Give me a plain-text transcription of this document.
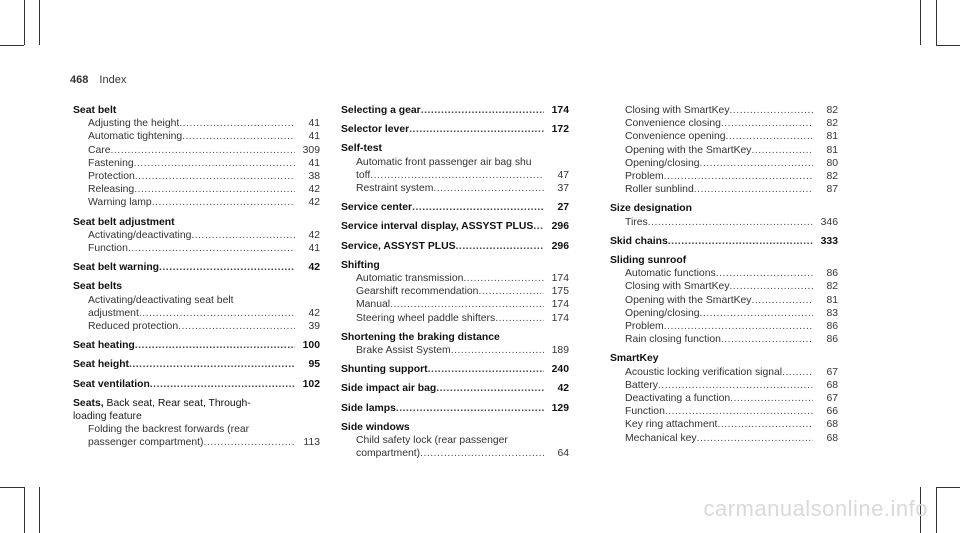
468 Index
Seat belt
Adjusting the height .....	41
Automatic tightening .....	41
Care .....	309
Fastening .....	41
Protection .....	38
Releasing .....	42
Warning lamp .....	42
Seat belt adjustment
Activating/deactivating .....	42
Function .....	41
Seat belt warning .....	42
Seat belts
Activating/deactivating seat belt
adjustment .....	42
Reduced protection .....	39
Seat heating .....	100
Seat height .....	95
Seat ventilation .....	102
Seats, Back seat, Rear seat, Through-
loading feature
Folding the backrest forwards (rear
passenger compartment) .....	113
Selecting a gear .....	174
Selector lever .....	172
Self-test
Automatic front passenger air bag shu
toff .....	47
Restraint system .....	37
Service center .....	27
Service interval display, ASSYST PLUS .....	296
Service, ASSYST PLUS .....	296
Shifting
Automatic transmission .....	174
Gearshift recommendation .....	175
Manual .....	174
Steering wheel paddle shifters .....	174
Shortening the braking distance
Brake Assist System .....	189
Shunting support .....	240
Side impact air bag .....	42
Side lamps .....	129
Side windows
Child safety lock (rear passenger
compartment) .....	64
Closing with SmartKey .....	82
Convenience closing .....	82
Convenience opening .....	81
Opening with the SmartKey .....	81
Opening/closing .....	80
Problem .....	82
Roller sunblind .....	87
Size designation
Tires .....	346
Skid chains .....	333
Sliding sunroof
Automatic functions .....	86
Closing with SmartKey .....	82
Opening with the SmartKey .....	81
Opening/closing .....	83
Problem .....	86
Rain closing function .....	86
SmartKey
Acoustic locking verification signal .....	67
Battery .....	68
Deactivating a function .....	67
Function .....	66
Key ring attachment .....	68
Mechanical key .....	68
carmanualsonline.info
